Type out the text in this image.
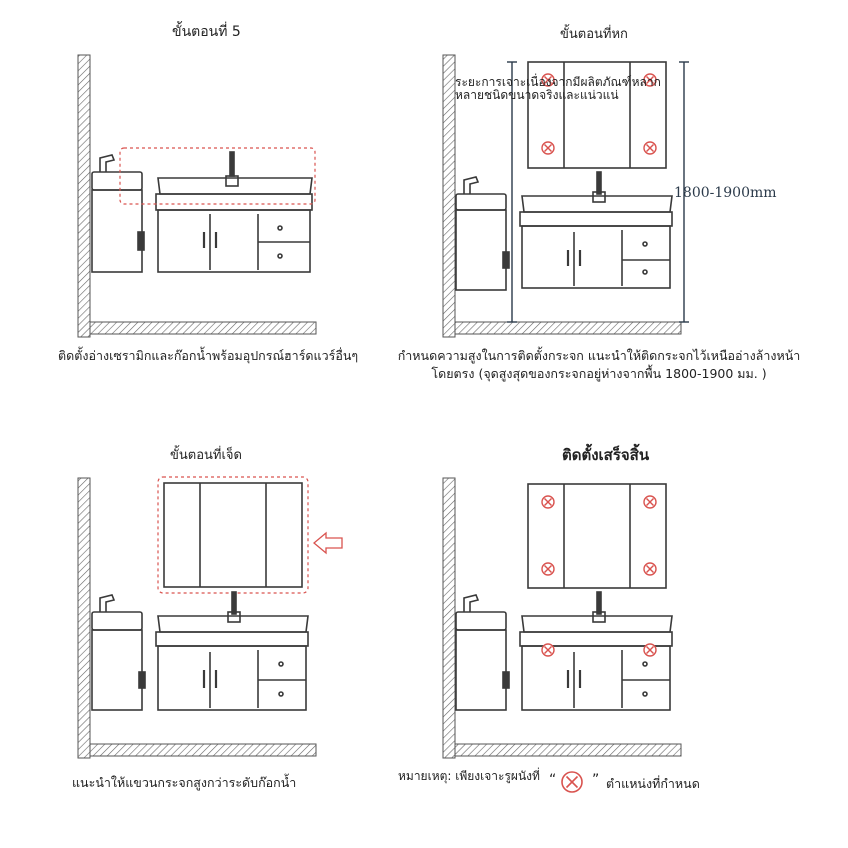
ขั้นตอนที่ 5
ติดตั้งอ่างเซรามิกและก๊อกน้ำพร้อมอุปกรณ์ฮาร์ดแวร์อื่นๆ
ขั้นตอนที่หก
ระยะการเจาะเนื่องจากมีผลิตภัณฑ์หลากหลายชนิดขนาดจริงและแน่วแน่
1800-1900mm
กำหนดความสูงในการติดตั้งกระจก แนะนำให้ติดกระจกไว้เหนืออ่างล้างหน้าโดยตรง (จุดสูงสุดของกระจกอยู่ห่างจากพื้น 1800-1900 มม. )
ขั้นตอนที่เจ็ด
แนะนำให้แขวนกระจกสูงกว่าระดับก๊อกน้ำ
ติดตั้งเสร็จสิ้น
หมายเหตุ: เพียงเจาะรูผนังที่ “	” ตำแหน่งที่กำหนด
